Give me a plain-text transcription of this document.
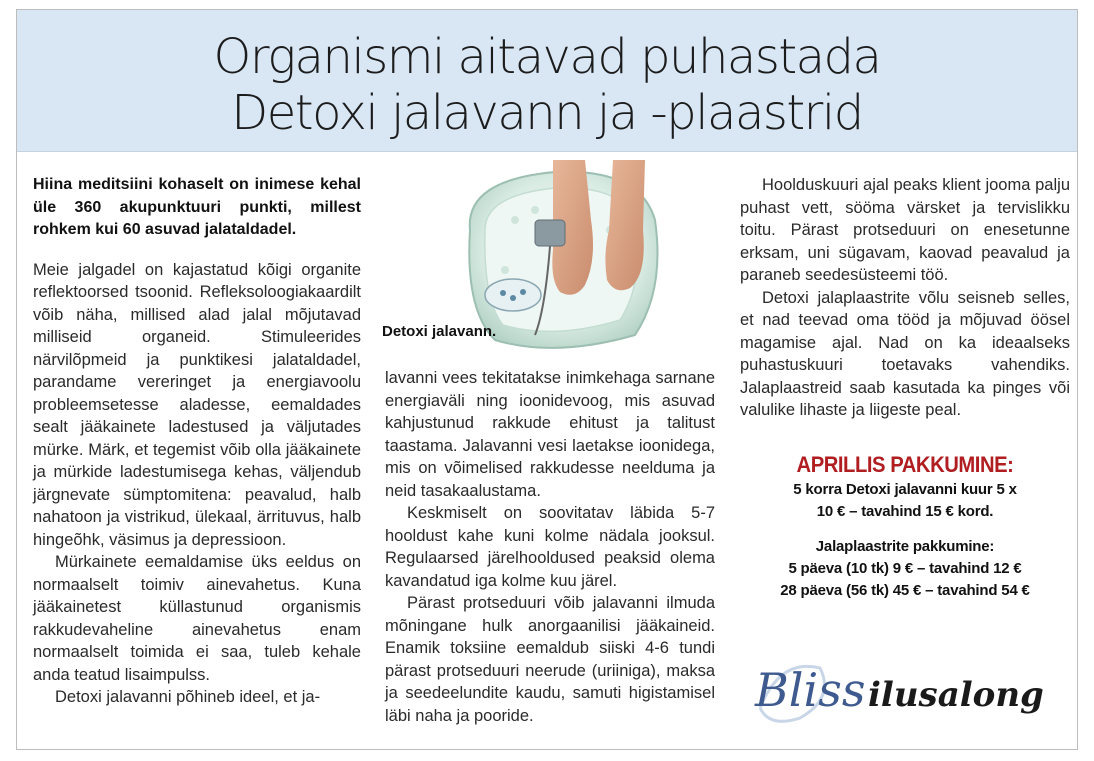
Organismi aitavad puhastada
Detoxi jalavann ja -plaastrid

Hiina meditsiini kohaselt on inimese kehal üle 360 akupunktuuri punkti, millest rohkem kui 60 asuvad jalataldadel.

Meie jalgadel on kajastatud kõigi organite reflektoorsed tsoonid. Refleksoloogiakaardilt võib näha, millised alad jalal mõjutavad milliseid organeid. Stimuleerides närvilõpmeid ja punktikesi jalataldadel, parandame vereringet ja energiavoolu probleemsetesse aladesse, eemaldades sealt jääkainete ladestused ja väljutades mürke. Märk, et tegemist võib olla jääkainete ja mürkide ladestumisega kehas, väljendub järgnevate sümptomitena: peavalud, halb nahatoon ja vistrikud, ülekaal, ärrituvus, halb hingeõhk, väsimus ja depressioon.

Mürkainete eemaldamise üks eeldus on normaalselt toimiv ainevahetus. Kuna jääkainetest küllastunud organismis rakkudevaheline ainevahetus enam normaalselt toimida ei saa, tuleb kehale anda teatud lisaimpulss.

Detoxi jalavanni põhineb ideel, et ja-

Detoxi jalavann.

lavanni vees tekitatakse inimkehaga sarnane energiaväli ning ioonidevoog, mis asuvad kahjustunud rakkude ehitust ja talitust taastama. Jalavanni vesi laetakse ioonidega, mis on võimelised rakkudesse neelduma ja neid tasakaalustama.

Keskmiselt on soovitatav läbida 5-7 hooldust kahe kuni kolme nädala jooksul. Regulaarsed järelhooldused peaksid olema kavandatud iga kolme kuu järel.

Pärast protseduuri võib jalavanni ilmuda mõningane hulk anorgaanilisi jääkaineid. Enamik toksiine eemaldub siiski 4-6 tundi pärast protseduuri neerude (uriiniga), maksa ja seedeelundite kaudu, samuti higistamisel läbi naha ja pooride.

Hoolduskuuri ajal peaks klient jooma palju puhast vett, sööma värsket ja tervislikku toitu. Pärast protseduuri on enesetunne erksam, uni sügavam, kaovad peavalud ja paraneb seedesüsteemi töö.

Detoxi jalaplaastrite võlu seisneb selles, et nad teevad oma tööd ja mõjuvad öösel magamise ajal. Nad on ka ideaalseks puhastuskuuri toetavaks vahendiks. Jalaplaastreid saab kasutada ka pinges või valulike lihaste ja liigeste peal.

APRILLIS PAKKUMINE:
5 korra Detoxi jalavanni kuur 5 x
10 € – tavahind 15 € kord.
Jalaplaastrite pakkumine:
5 päeva (10 tk) 9 € – tavahind 12 €
28 päeva (56 tk) 45 € – tavahind 54 €
Bliss ilusalong
